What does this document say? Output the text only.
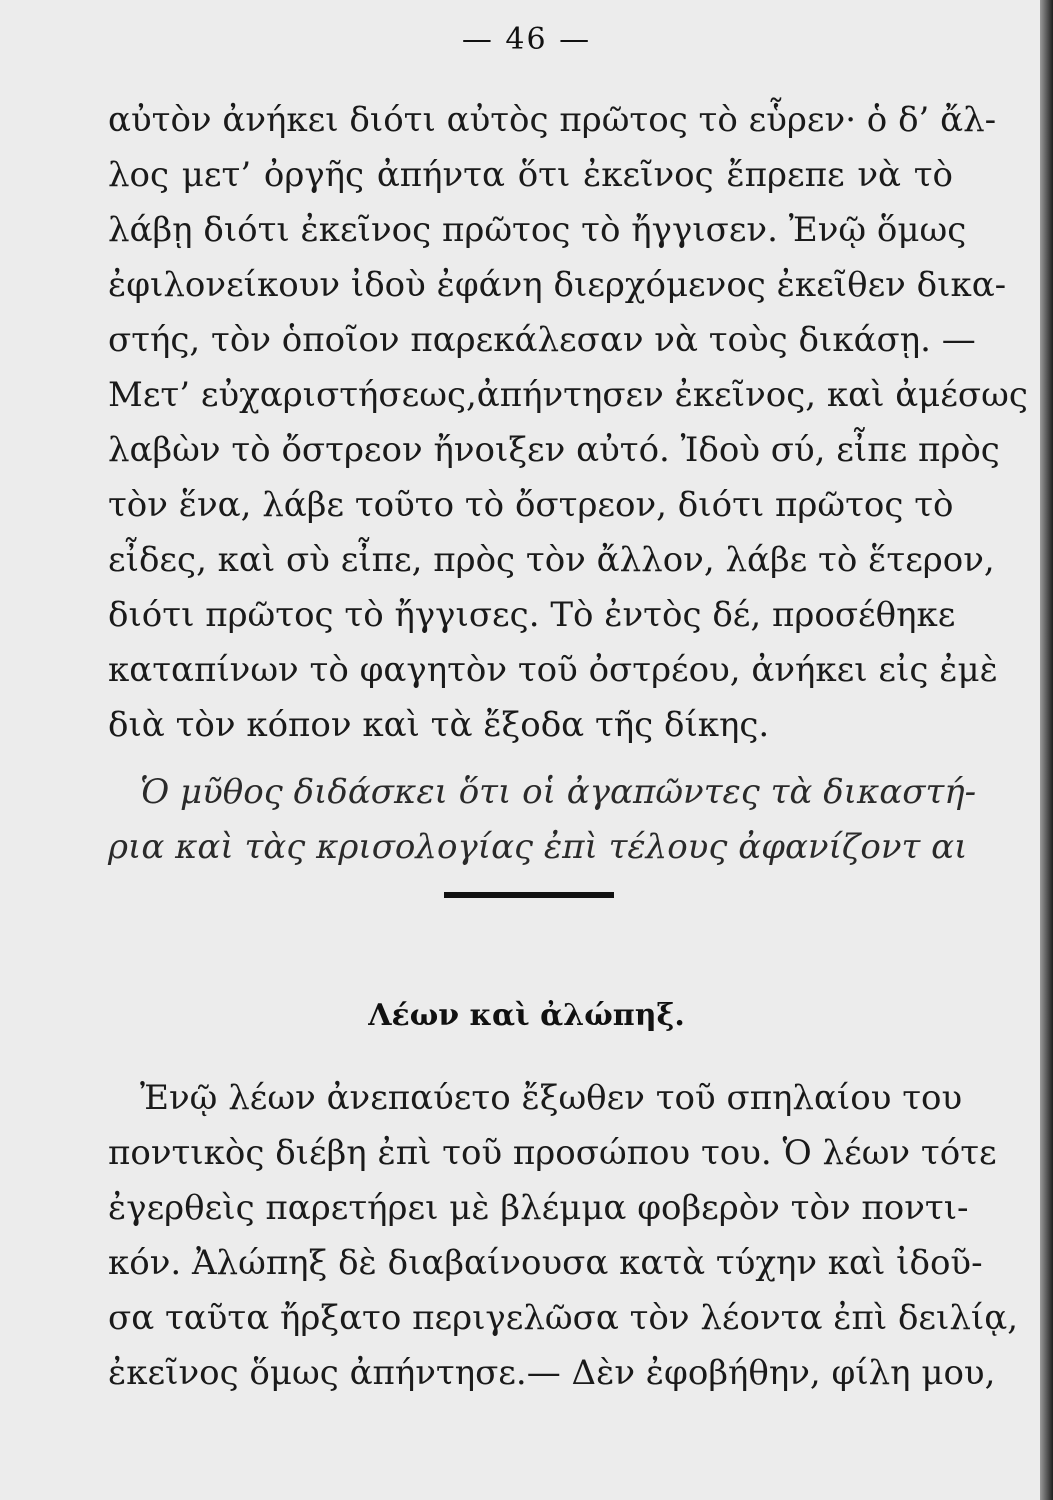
— 46 —
αὐτὸν ἀνήκει διότι αὐτὸς πρῶτος τὸ εὗρεν· ὁ δ’ ἄλ-
λος μετ’ ὀργῆς ἀπήντα ὅτι ἐκεῖνος ἔπρεπε νὰ τὸ
λάβῃ διότι ἐκεῖνος πρῶτος τὸ ἤγγισεν. Ἐνῷ ὅμως
ἐφιλονείκουν ἰδοὺ ἐφάνη διερχόμενος ἐκεῖθεν δικα-
στής, τὸν ὁποῖον παρεκάλεσαν νὰ τοὺς δικάσῃ. —
Μετ’ εὐχαριστήσεως,ἀπήντησεν ἐκεῖνος, καὶ ἀμέσως
λαβὼν τὸ ὄστρεον ἤνοιξεν αὐτό. Ἰδοὺ σύ, εἶπε πρὸς
τὸν ἕνα, λάβε τοῦτο τὸ ὄστρεον, διότι πρῶτος τὸ
εἶδες, καὶ σὺ εἶπε, πρὸς τὸν ἄλλον, λάβε τὸ ἕτερον,
διότι πρῶτος τὸ ἤγγισες. Τὸ ἐντὸς δέ, προσέθηκε
καταπίνων τὸ φαγητὸν τοῦ ὀστρέου, ἀνήκει εἰς ἐμὲ
διὰ τὸν κόπον καὶ τὰ ἔξοδα τῆς δίκης.
Ὁ μῦθος διδάσκει ὅτι οἱ ἀγαπῶντες τὰ δικαστή-
ρια καὶ τὰς κρισολογίας ἐπὶ τέλους ἀφανίζοντ αι
Λέων καὶ ἀλώπηξ.
Ἐνῷ λέων ἀνεπαύετο ἔξωθεν τοῦ σπηλαίου του
ποντικὸς διέβη ἐπὶ τοῦ προσώπου του. Ὁ λέων τότε
ἐγερθεὶς παρετήρει μὲ βλέμμα φοβερὸν τὸν ποντι-
κόν. Ἀλώπηξ δὲ διαβαίνουσα κατὰ τύχην καὶ ἰδοῦ-
σα ταῦτα ἤρξατο περιγελῶσα τὸν λέοντα ἐπὶ δειλίᾳ,
ἐκεῖνος ὅμως ἀπήντησε.— Δὲν ἐφοβήθην, φίλη μου,
